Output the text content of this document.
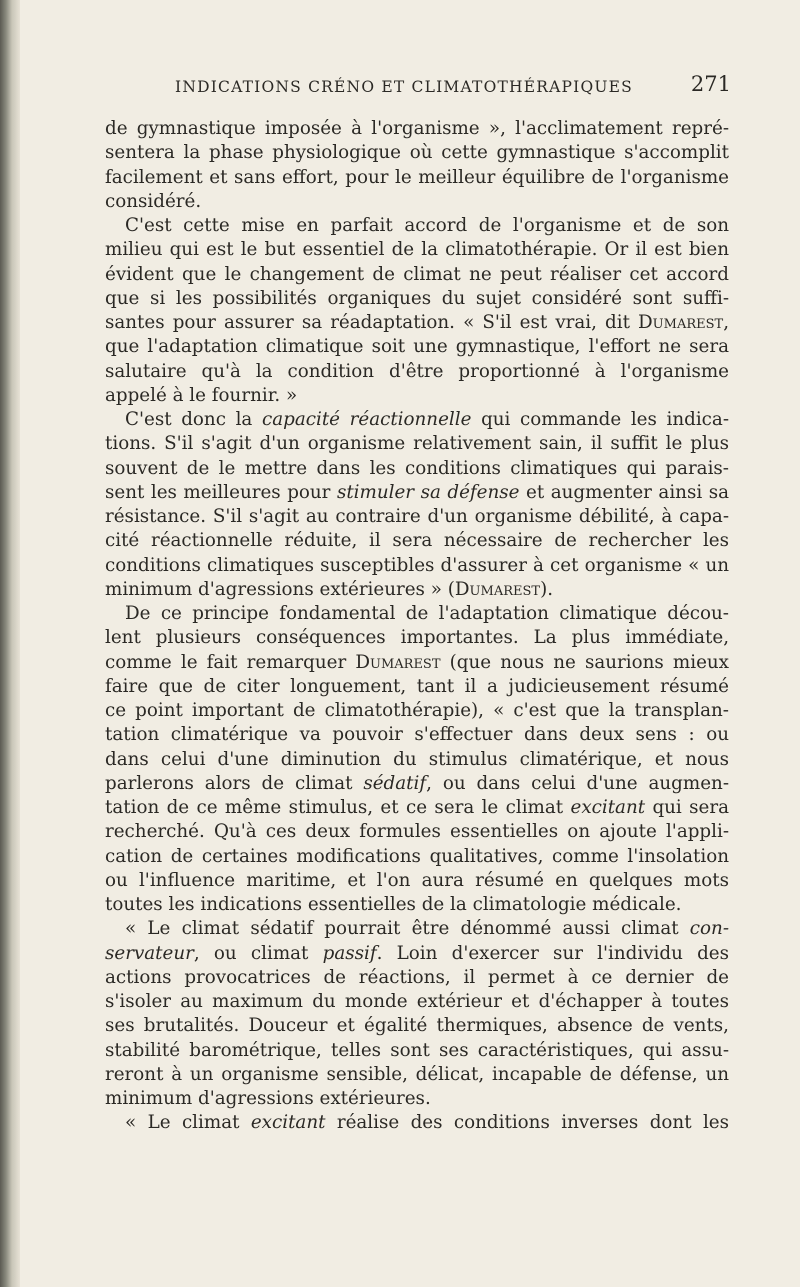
INDICATIONS CRÉNO ET CLIMATOTHÉRAPIQUES	271
de gymnastique imposée à l'organisme », l'acclimatement repré-
sentera la phase physiologique où cette gymnastique s'accomplit
facilement et sans effort, pour le meilleur équilibre de l'organisme
considéré.
C'est cette mise en parfait accord de l'organisme et de son
milieu qui est le but essentiel de la climatothérapie. Or il est bien
évident que le changement de climat ne peut réaliser cet accord
que si les possibilités organiques du sujet considéré sont suffi-
santes pour assurer sa réadaptation. « S'il est vrai, dit Dumarest,
que l'adaptation climatique soit une gymnastique, l'effort ne sera
salutaire qu'à la condition d'être proportionné à l'organisme
appelé à le fournir. »
C'est donc la capacité réactionnelle qui commande les indica-
tions. S'il s'agit d'un organisme relativement sain, il suffit le plus
souvent de le mettre dans les conditions climatiques qui parais-
sent les meilleures pour stimuler sa défense et augmenter ainsi sa
résistance. S'il s'agit au contraire d'un organisme débilité, à capa-
cité réactionnelle réduite, il sera nécessaire de rechercher les
conditions climatiques susceptibles d'assurer à cet organisme « un
minimum d'agressions extérieures » (Dumarest).
De ce principe fondamental de l'adaptation climatique décou-
lent plusieurs conséquences importantes. La plus immédiate,
comme le fait remarquer Dumarest (que nous ne saurions mieux
faire que de citer longuement, tant il a judicieusement résumé
ce point important de climatothérapie), « c'est que la transplan-
tation climatérique va pouvoir s'effectuer dans deux sens : ou
dans celui d'une diminution du stimulus climatérique, et nous
parlerons alors de climat sédatif, ou dans celui d'une augmen-
tation de ce même stimulus, et ce sera le climat excitant qui sera
recherché. Qu'à ces deux formules essentielles on ajoute l'appli-
cation de certaines modifications qualitatives, comme l'insolation
ou l'influence maritime, et l'on aura résumé en quelques mots
toutes les indications essentielles de la climatologie médicale.
« Le climat sédatif pourrait être dénommé aussi climat con-
servateur, ou climat passif. Loin d'exercer sur l'individu des
actions provocatrices de réactions, il permet à ce dernier de
s'isoler au maximum du monde extérieur et d'échapper à toutes
ses brutalités. Douceur et égalité thermiques, absence de vents,
stabilité barométrique, telles sont ses caractéristiques, qui assu-
reront à un organisme sensible, délicat, incapable de défense, un
minimum d'agressions extérieures.
« Le climat excitant réalise des conditions inverses dont les
